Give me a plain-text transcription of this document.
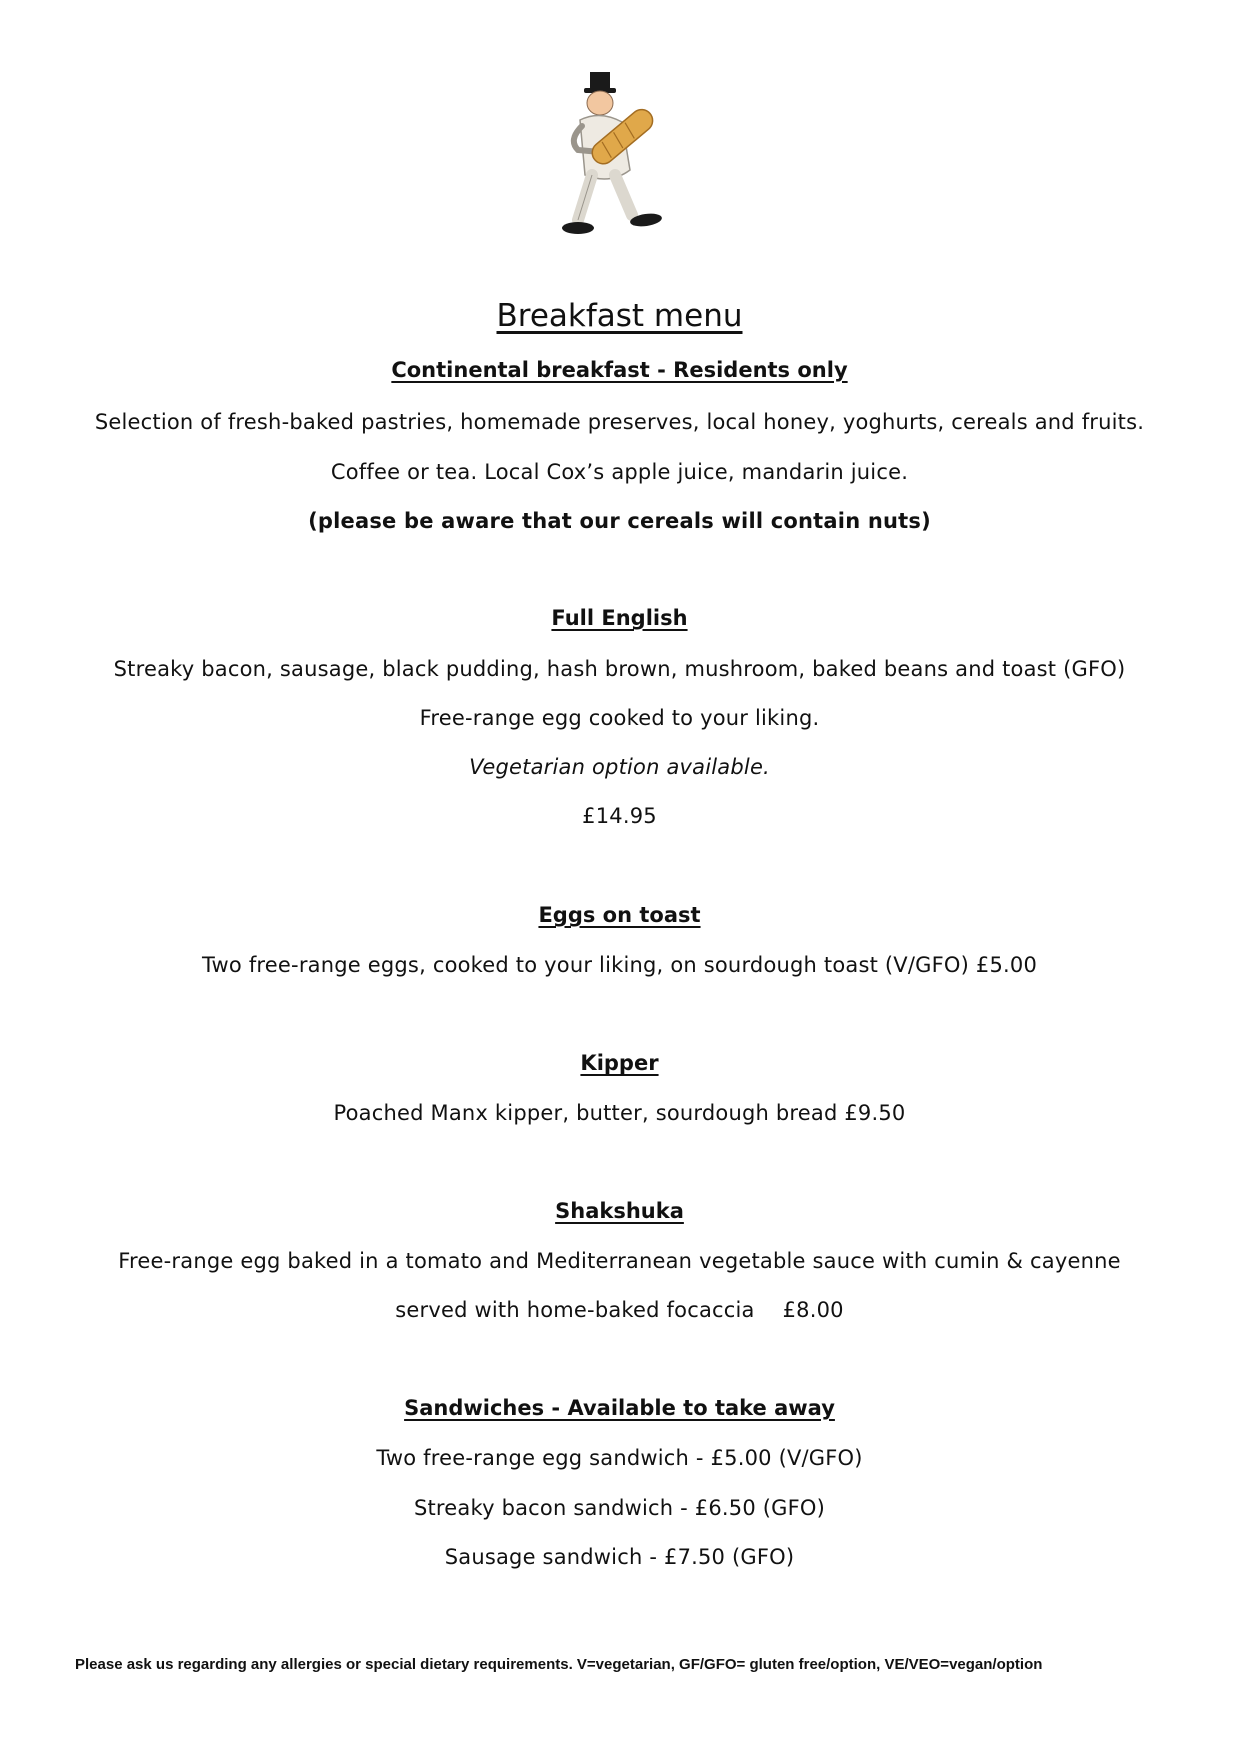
Breakfast menu
Continental breakfast - Residents only
Selection of fresh-baked pastries, homemade preserves, local honey, yoghurts, cereals and fruits.
Coffee or tea. Local Cox’s apple juice, mandarin juice.
(please be aware that our cereals will contain nuts)
Full English
Streaky bacon, sausage, black pudding, hash brown, mushroom, baked beans and toast (GFO)
Free-range egg cooked to your liking.
Vegetarian option available.
£14.95
Eggs on toast
Two free-range eggs, cooked to your liking, on sourdough toast (V/GFO) £5.00
Kipper
Poached Manx kipper, butter, sourdough bread £9.50
Shakshuka
Free-range egg baked in a tomato and Mediterranean vegetable sauce with cumin & cayenne
served with home-baked focaccia £8.00
Sandwiches - Available to take away
Two free-range egg sandwich - £5.00 (V/GFO)
Streaky bacon sandwich - £6.50 (GFO)
Sausage sandwich - £7.50 (GFO)
Please ask us regarding any allergies or special dietary requirements. V=vegetarian, GF/GFO= gluten free/option, VE/VEO=vegan/option
